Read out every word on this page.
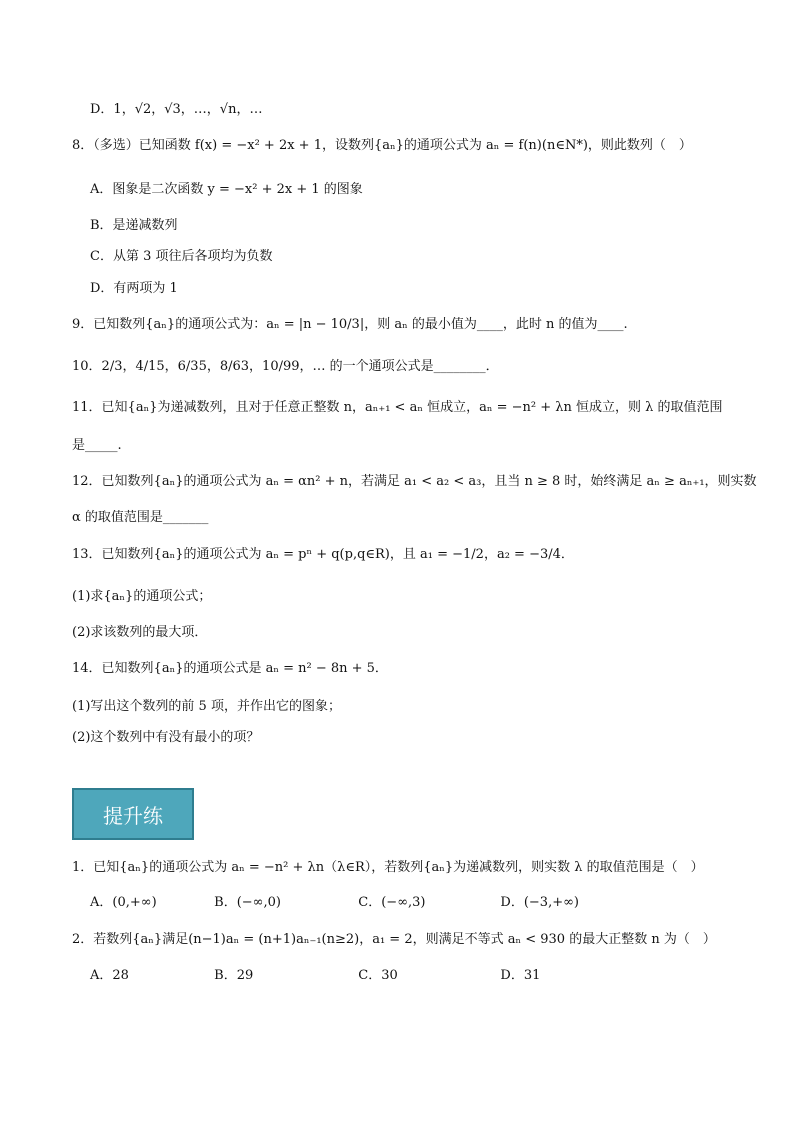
D．1，√2，√3，…，√n，…
8．（多选）已知函数 f(x) = −x² + 2x + 1，设数列{aₙ}的通项公式为 aₙ = f(n)(n∈N*)，则此数列（　）
A．图象是二次函数 y = −x² + 2x + 1 的图象
B．是递减数列
C．从第 3 项往后各项均为负数
D．有两项为 1
9．已知数列{aₙ}的通项公式为：aₙ = |n − 10/3|，则 aₙ 的最小值为____，此时 n 的值为____.
10．2/3，4/15，6/35，8/63，10/99，… 的一个通项公式是________．
11．已知{aₙ}为递减数列，且对于任意正整数 n，aₙ₊₁ < aₙ 恒成立，aₙ = −n² + λn 恒成立，则 λ 的取值范围
是_____.
12．已知数列{aₙ}的通项公式为 aₙ = αn² + n，若满足 a₁ < a₂ < a₃，且当 n ≥ 8 时，始终满足 aₙ ≥ aₙ₊₁，则实数
α 的取值范围是_______
13．已知数列{aₙ}的通项公式为 aₙ = pⁿ + q(p,q∈R)，且 a₁ = −1/2，a₂ = −3/4．
(1)求{aₙ}的通项公式；
(2)求该数列的最大项．
14．已知数列{aₙ}的通项公式是 aₙ = n² − 8n + 5．
(1)写出这个数列的前 5 项，并作出它的图象；
(2)这个数列中有没有最小的项？
提升练
1．已知{aₙ}的通项公式为 aₙ = −n² + λn（λ∈R），若数列{aₙ}为递减数列，则实数 λ 的取值范围是（　）
A．(0,+∞)	B．(−∞,0)	C．(−∞,3)	D．(−3,+∞)
2．若数列{aₙ}满足(n−1)aₙ = (n+1)aₙ₋₁(n≥2)，a₁ = 2，则满足不等式 aₙ < 930 的最大正整数 n 为（　）
A．28	B．29	C．30	D．31
